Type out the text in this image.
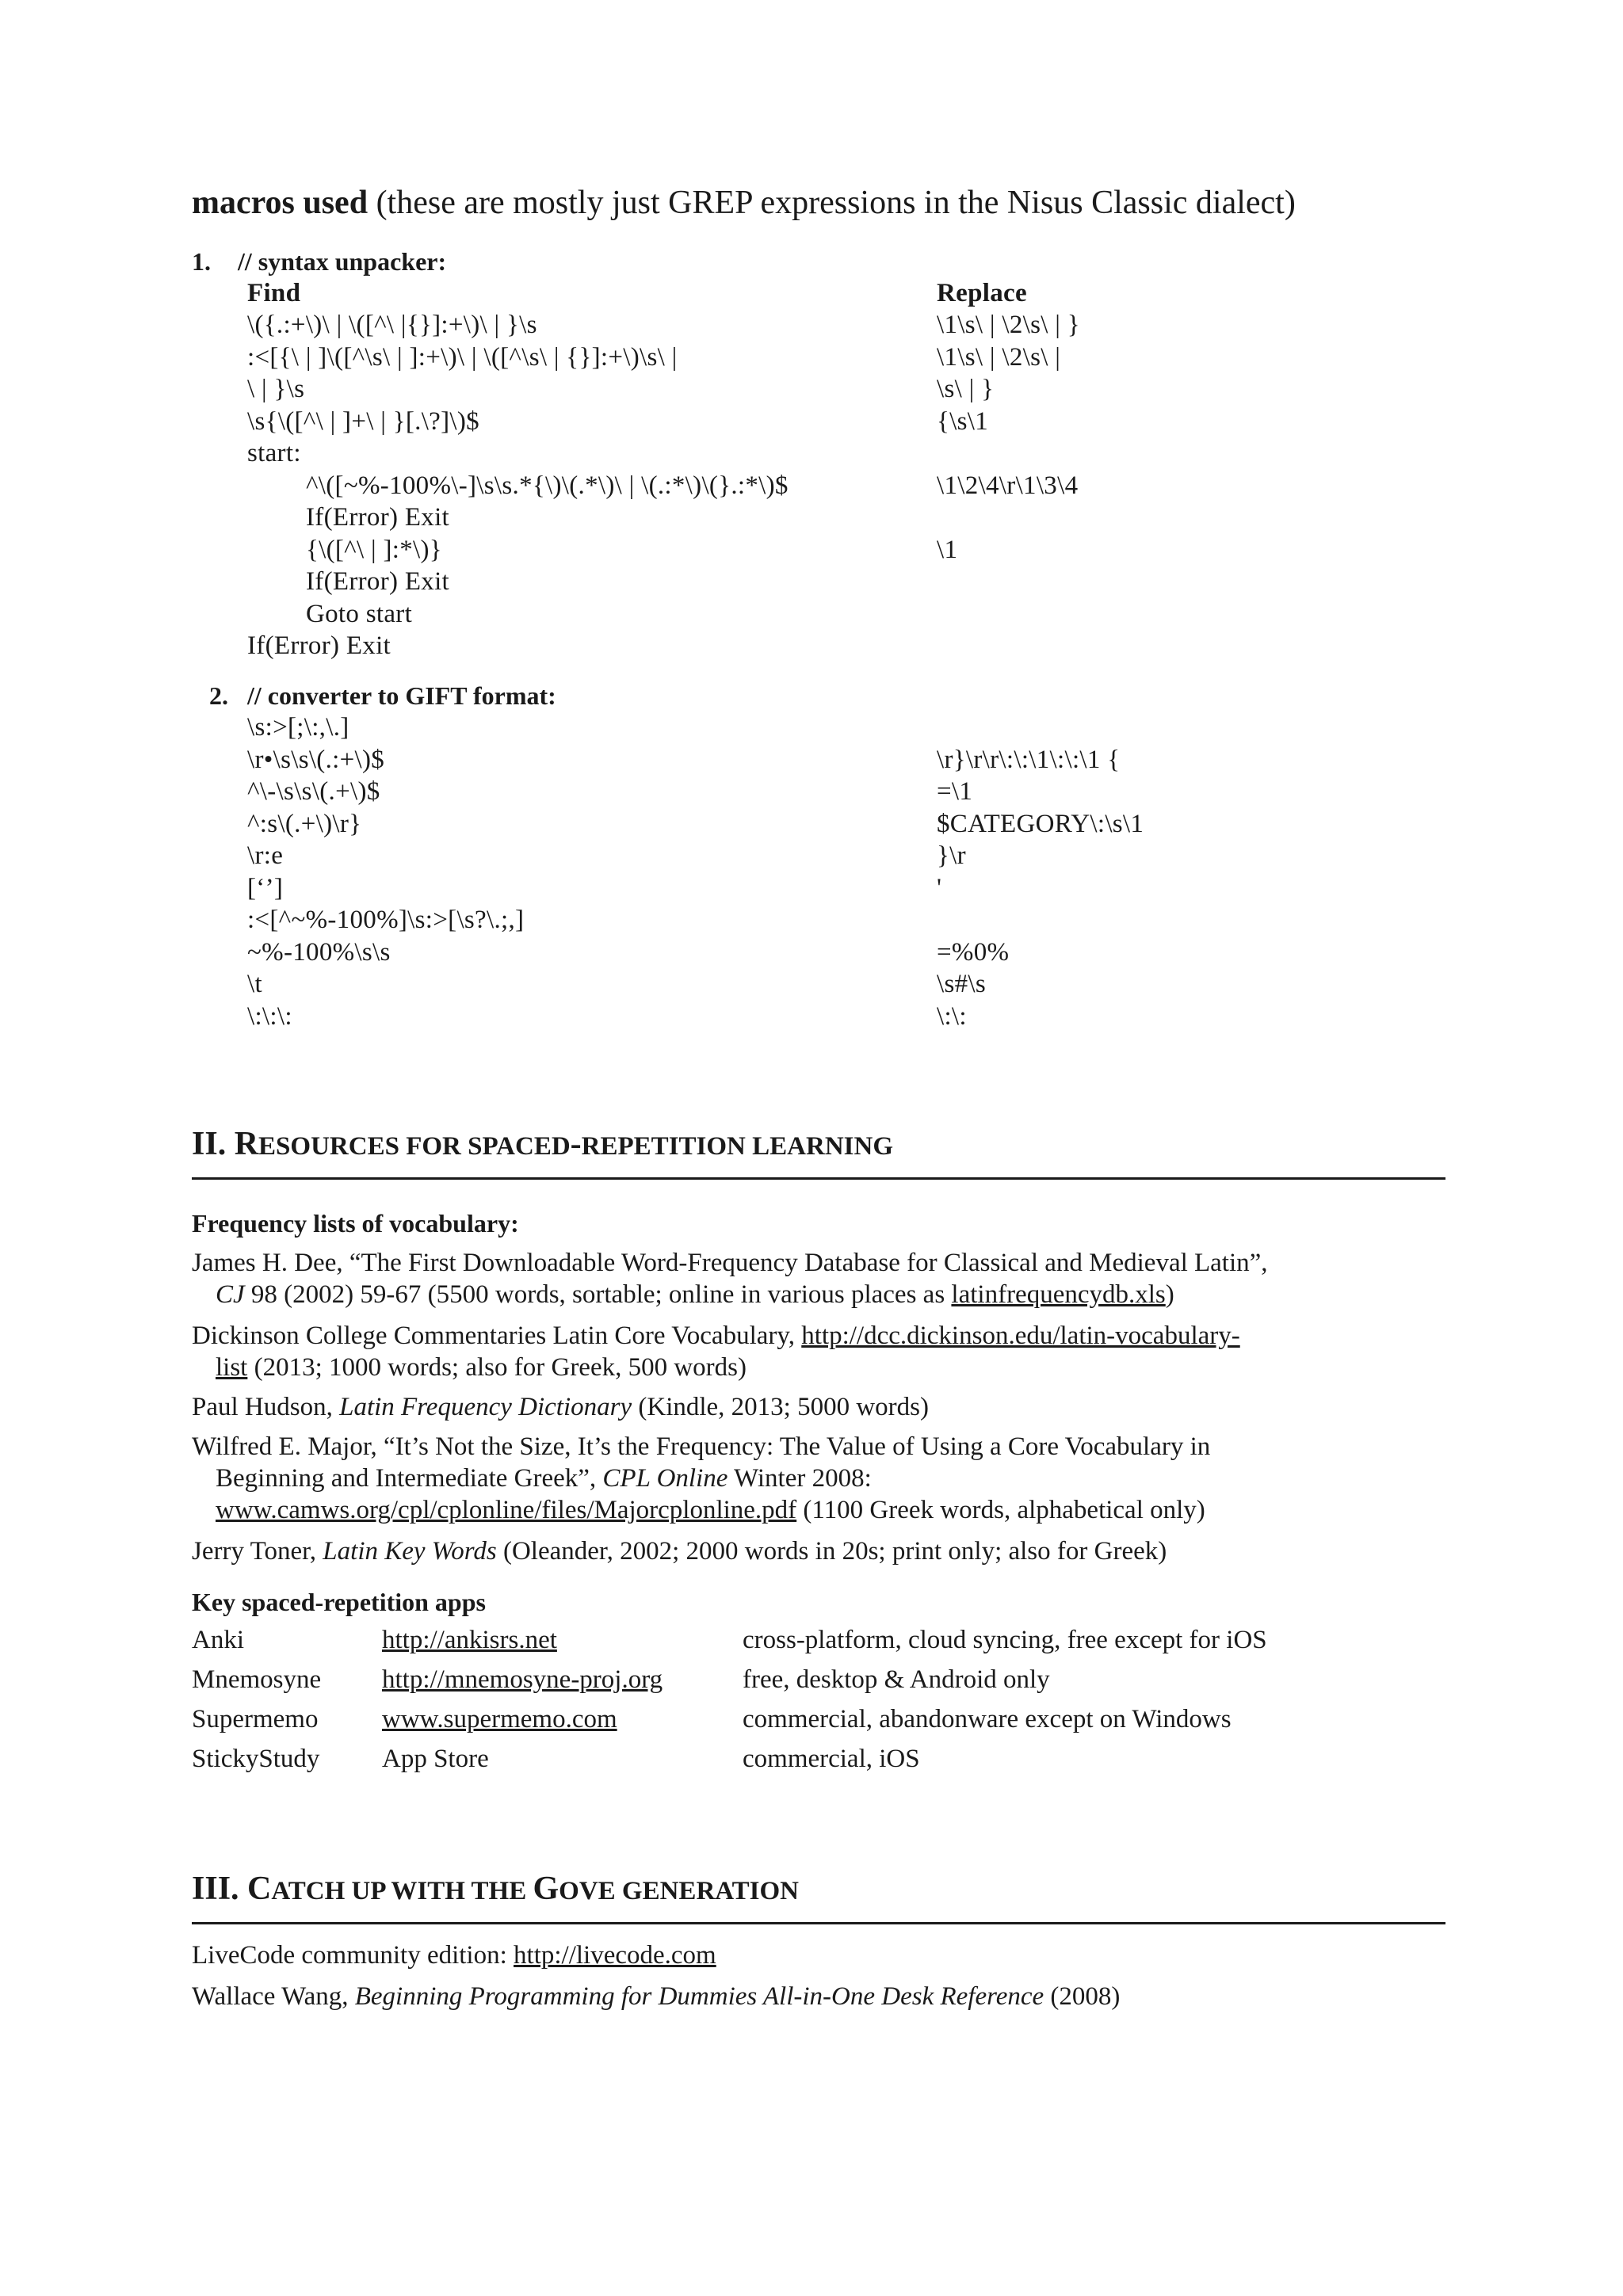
macros used (these are mostly just GREP expressions in the Nisus Classic dialect)
1. // syntax unpacker:
Find	Replace
\({.:+\)\ | \([^\ |{}]:+\)\ | }\s	\1\s\ | \2\s\ | }
:<[{\ | ]\([^\s\ | ]:+\)\ | \([^\s\ | {}]:+\)\s\ |	\1\s\ | \2\s\ |
\ | }\s	\s\ | }
\s{\([^\ | ]+\ | }[.\?]\)$	{\s\1
start:
^\([~%-100%\-]\s\s.*{\)\(.*\)\ | \(.:*\)\(}.:*\)$	\1\2\4\r\1\3\4
If(Error) Exit
{\([^\ | ]:*\)}	\1
If(Error) Exit
Goto start
If(Error) Exit
2. // converter to GIFT format:
\s:>[;\:,\.]
\r•\s\s\(.:+\)$	\r}\r\r\:\:\1\:\:\1 {
^\-\s\s\(.+\)$	=\1
^:s\(.+\)\r}	$CATEGORY\:\s\1
\r:e	}\r
[‘’]	'
:<[^~%-100%]\s:>[\s?\.;,]
~%-100%\s\s	=%0%
\t	\s#\s
\:\:\:	\:\:
II. RESOURCES FOR SPACED-REPETITION LEARNING
Frequency lists of vocabulary:
James H. Dee, “The First Downloadable Word-Frequency Database for Classical and Medieval Latin”,
CJ 98 (2002) 59-67 (5500 words, sortable; online in various places as latinfrequencydb.xls)
Dickinson College Commentaries Latin Core Vocabulary, http://dcc.dickinson.edu/latin-vocabulary-
list (2013; 1000 words; also for Greek, 500 words)
Paul Hudson, Latin Frequency Dictionary (Kindle, 2013; 5000 words)
Wilfred E. Major, “It’s Not the Size, It’s the Frequency: The Value of Using a Core Vocabulary in
Beginning and Intermediate Greek”, CPL Online Winter 2008:
www.camws.org/cpl/cplonline/files/Majorcplonline.pdf (1100 Greek words, alphabetical only)
Jerry Toner, Latin Key Words (Oleander, 2002; 2000 words in 20s; print only; also for Greek)
Key spaced-repetition apps
Anki	http://ankisrs.net	cross-platform, cloud syncing, free except for iOS
Mnemosyne http://mnemosyne-proj.org	free, desktop & Android only
Supermemo www.supermemo.com	commercial, abandonware except on Windows
StickyStudy App Store	commercial, iOS
III. CATCH UP WITH THE GOVE GENERATION
LiveCode community edition: http://livecode.com
Wallace Wang, Beginning Programming for Dummies All-in-One Desk Reference (2008)
